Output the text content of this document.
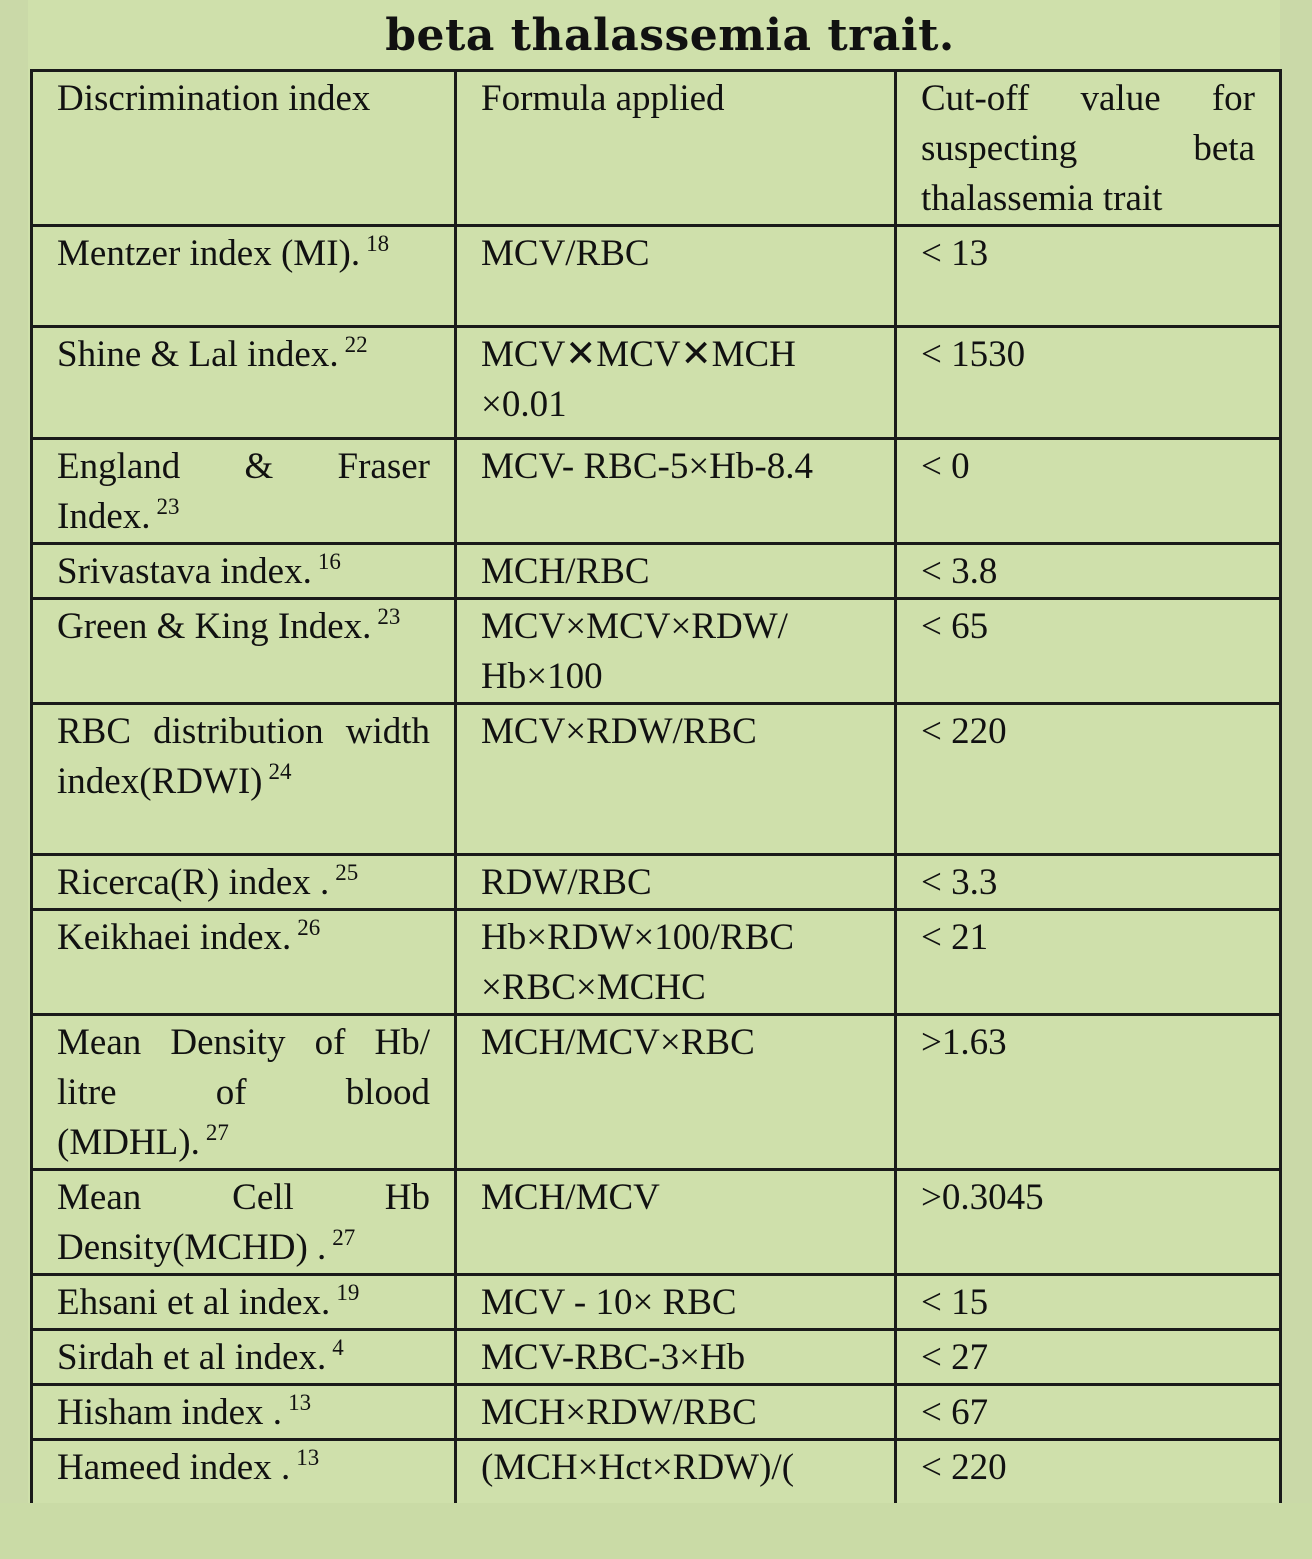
beta thalassemia trait.
Discrimination index	Formula applied	Cut-off value for suspecting beta thalassemia trait
Mentzer index (MI). $^{18}$	MCV/RBC	< 13
Shine & Lal index. $^{22}$	MCV✕MCV✕MCH ×0.01	< 1530
England & Fraser Index. $^{23}$	MCV- RBC-5×Hb-8.4	< 0
Srivastava index. $^{16}$	MCH/RBC	< 3.8
Green & King Index. $^{23}$	MCV×MCV×RDW/ Hb×100	< 65
RBC distribution width index(RDWI) $^{24}$	MCV×RDW/RBC	< 220
Ricerca(R) index . $^{25}$	RDW/RBC	< 3.3
Keikhaei index. $^{26}$	Hb×RDW×100/RBC ×RBC×MCHC	< 21
Mean Density of Hb/ litre of blood (MDHL). $^{27}$	MCH/MCV×RBC	>1.63
Mean Cell Hb Density(MCHD) . $^{27}$	MCH/MCV	>0.3045
Ehsani et al index. $^{19}$	MCV - 10× RBC	< 15
Sirdah et al index. $^4$	MCV-RBC-3×Hb	< 27
Hisham index . $^{13}$	MCH×RDW/RBC	< 67
Hameed index . $^{13}$	(MCH×Hct×RDW)/(	< 220
